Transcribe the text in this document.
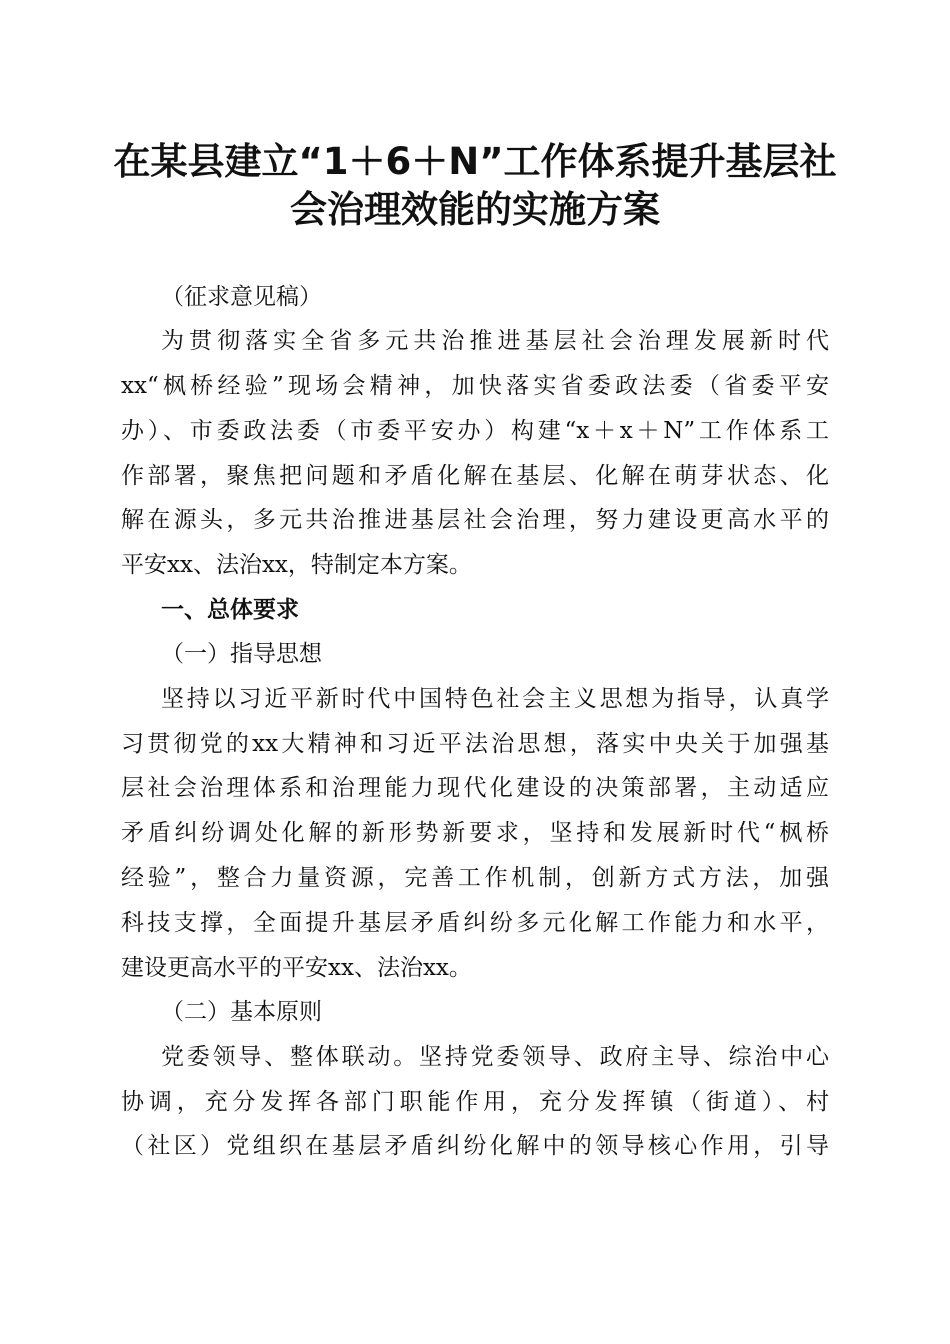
在某县建立“1＋6＋N”工作体系提升基层社
会治理效能的实施方案
（征求意见稿）
为贯彻落实全省多元共治推进基层社会治理发展新时代
xx“枫桥经验”现场会精神，加快落实省委政法委（省委平安
办）、市委政法委（市委平安办）构建“x＋x＋N”工作体系工
作部署，聚焦把问题和矛盾化解在基层、化解在萌芽状态、化
解在源头，多元共治推进基层社会治理，努力建设更高水平的
平安xx、法治xx，特制定本方案。
一、总体要求
（一）指导思想
坚持以习近平新时代中国特色社会主义思想为指导，认真学
习贯彻党的xx大精神和习近平法治思想，落实中央关于加强基
层社会治理体系和治理能力现代化建设的决策部署，主动适应
矛盾纠纷调处化解的新形势新要求，坚持和发展新时代“枫桥
经验”，整合力量资源，完善工作机制，创新方式方法，加强
科技支撑，全面提升基层矛盾纠纷多元化解工作能力和水平，
建设更高水平的平安xx、法治xx。
（二）基本原则
党委领导、整体联动。坚持党委领导、政府主导、综治中心
协调，充分发挥各部门职能作用，充分发挥镇（街道）、村
（社区）党组织在基层矛盾纠纷化解中的领导核心作用，引导
